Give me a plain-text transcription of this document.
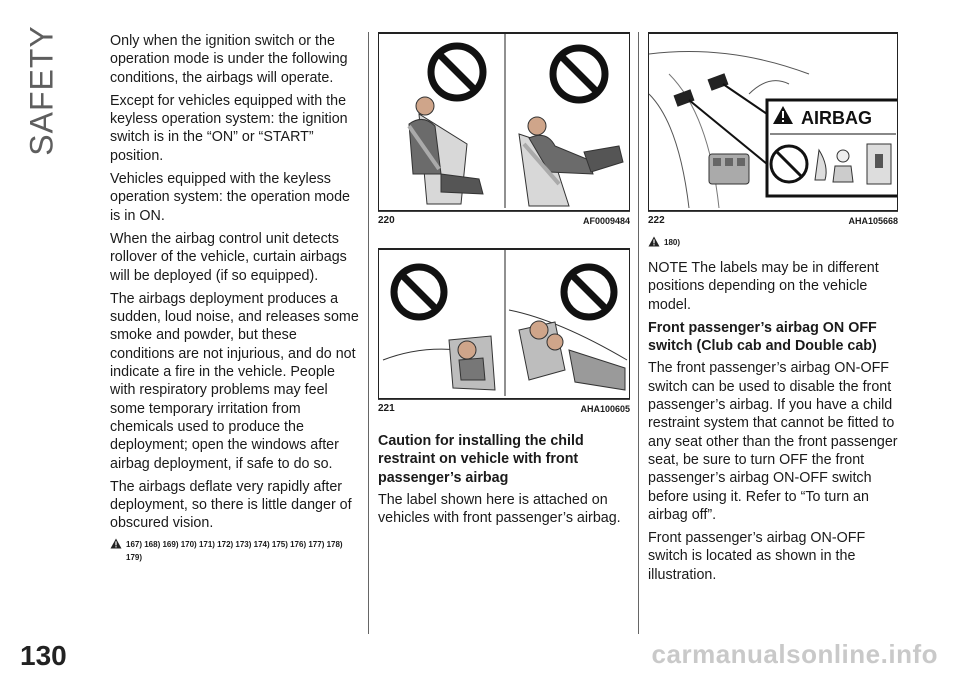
SAFETY
130	carmanualsonline.info

Only when the ignition switch or the operation mode is under the following conditions, the airbags will operate.

Except for vehicles equipped with the keyless operation system: the ignition switch is in the “ON” or “START” position.

Vehicles equipped with the keyless operation system: the operation mode is in ON.

When the airbag control unit detects rollover of the vehicle, curtain airbags will be deployed (if so equipped).

The airbags deployment produces a sudden, loud noise, and releases some smoke and powder, but these conditions are not injurious, and do not indicate a fire in the vehicle. People with respiratory problems may feel some temporary irritation from chemicals used to produce the deployment; open the windows after airbag deployment, if safe to do so.

The airbags deflate very rapidly after deployment, so there is little danger of obscured vision.

167) 168) 169) 170) 171) 172) 173) 174) 175) 176) 177) 178) 179)
220	AF0009484
221	AHA100605

Caution for installing the child restraint on vehicle with front passenger’s airbag

The label shown here is attached on vehicles with front passenger’s airbag.

AIRBAG
222	AHA105668
180)

NOTE The labels may be in different positions depending on the vehicle model.

Front passenger’s airbag ON OFF switch (Club cab and Double cab)

The front passenger’s airbag ON-OFF switch can be used to disable the front passenger’s airbag. If you have a child restraint system that cannot be fitted to any seat other than the front passenger seat, be sure to turn OFF the front passenger’s airbag ON-OFF switch before using it. Refer to “To turn an airbag off”.

Front passenger’s airbag ON-OFF switch is located as shown in the illustration.
